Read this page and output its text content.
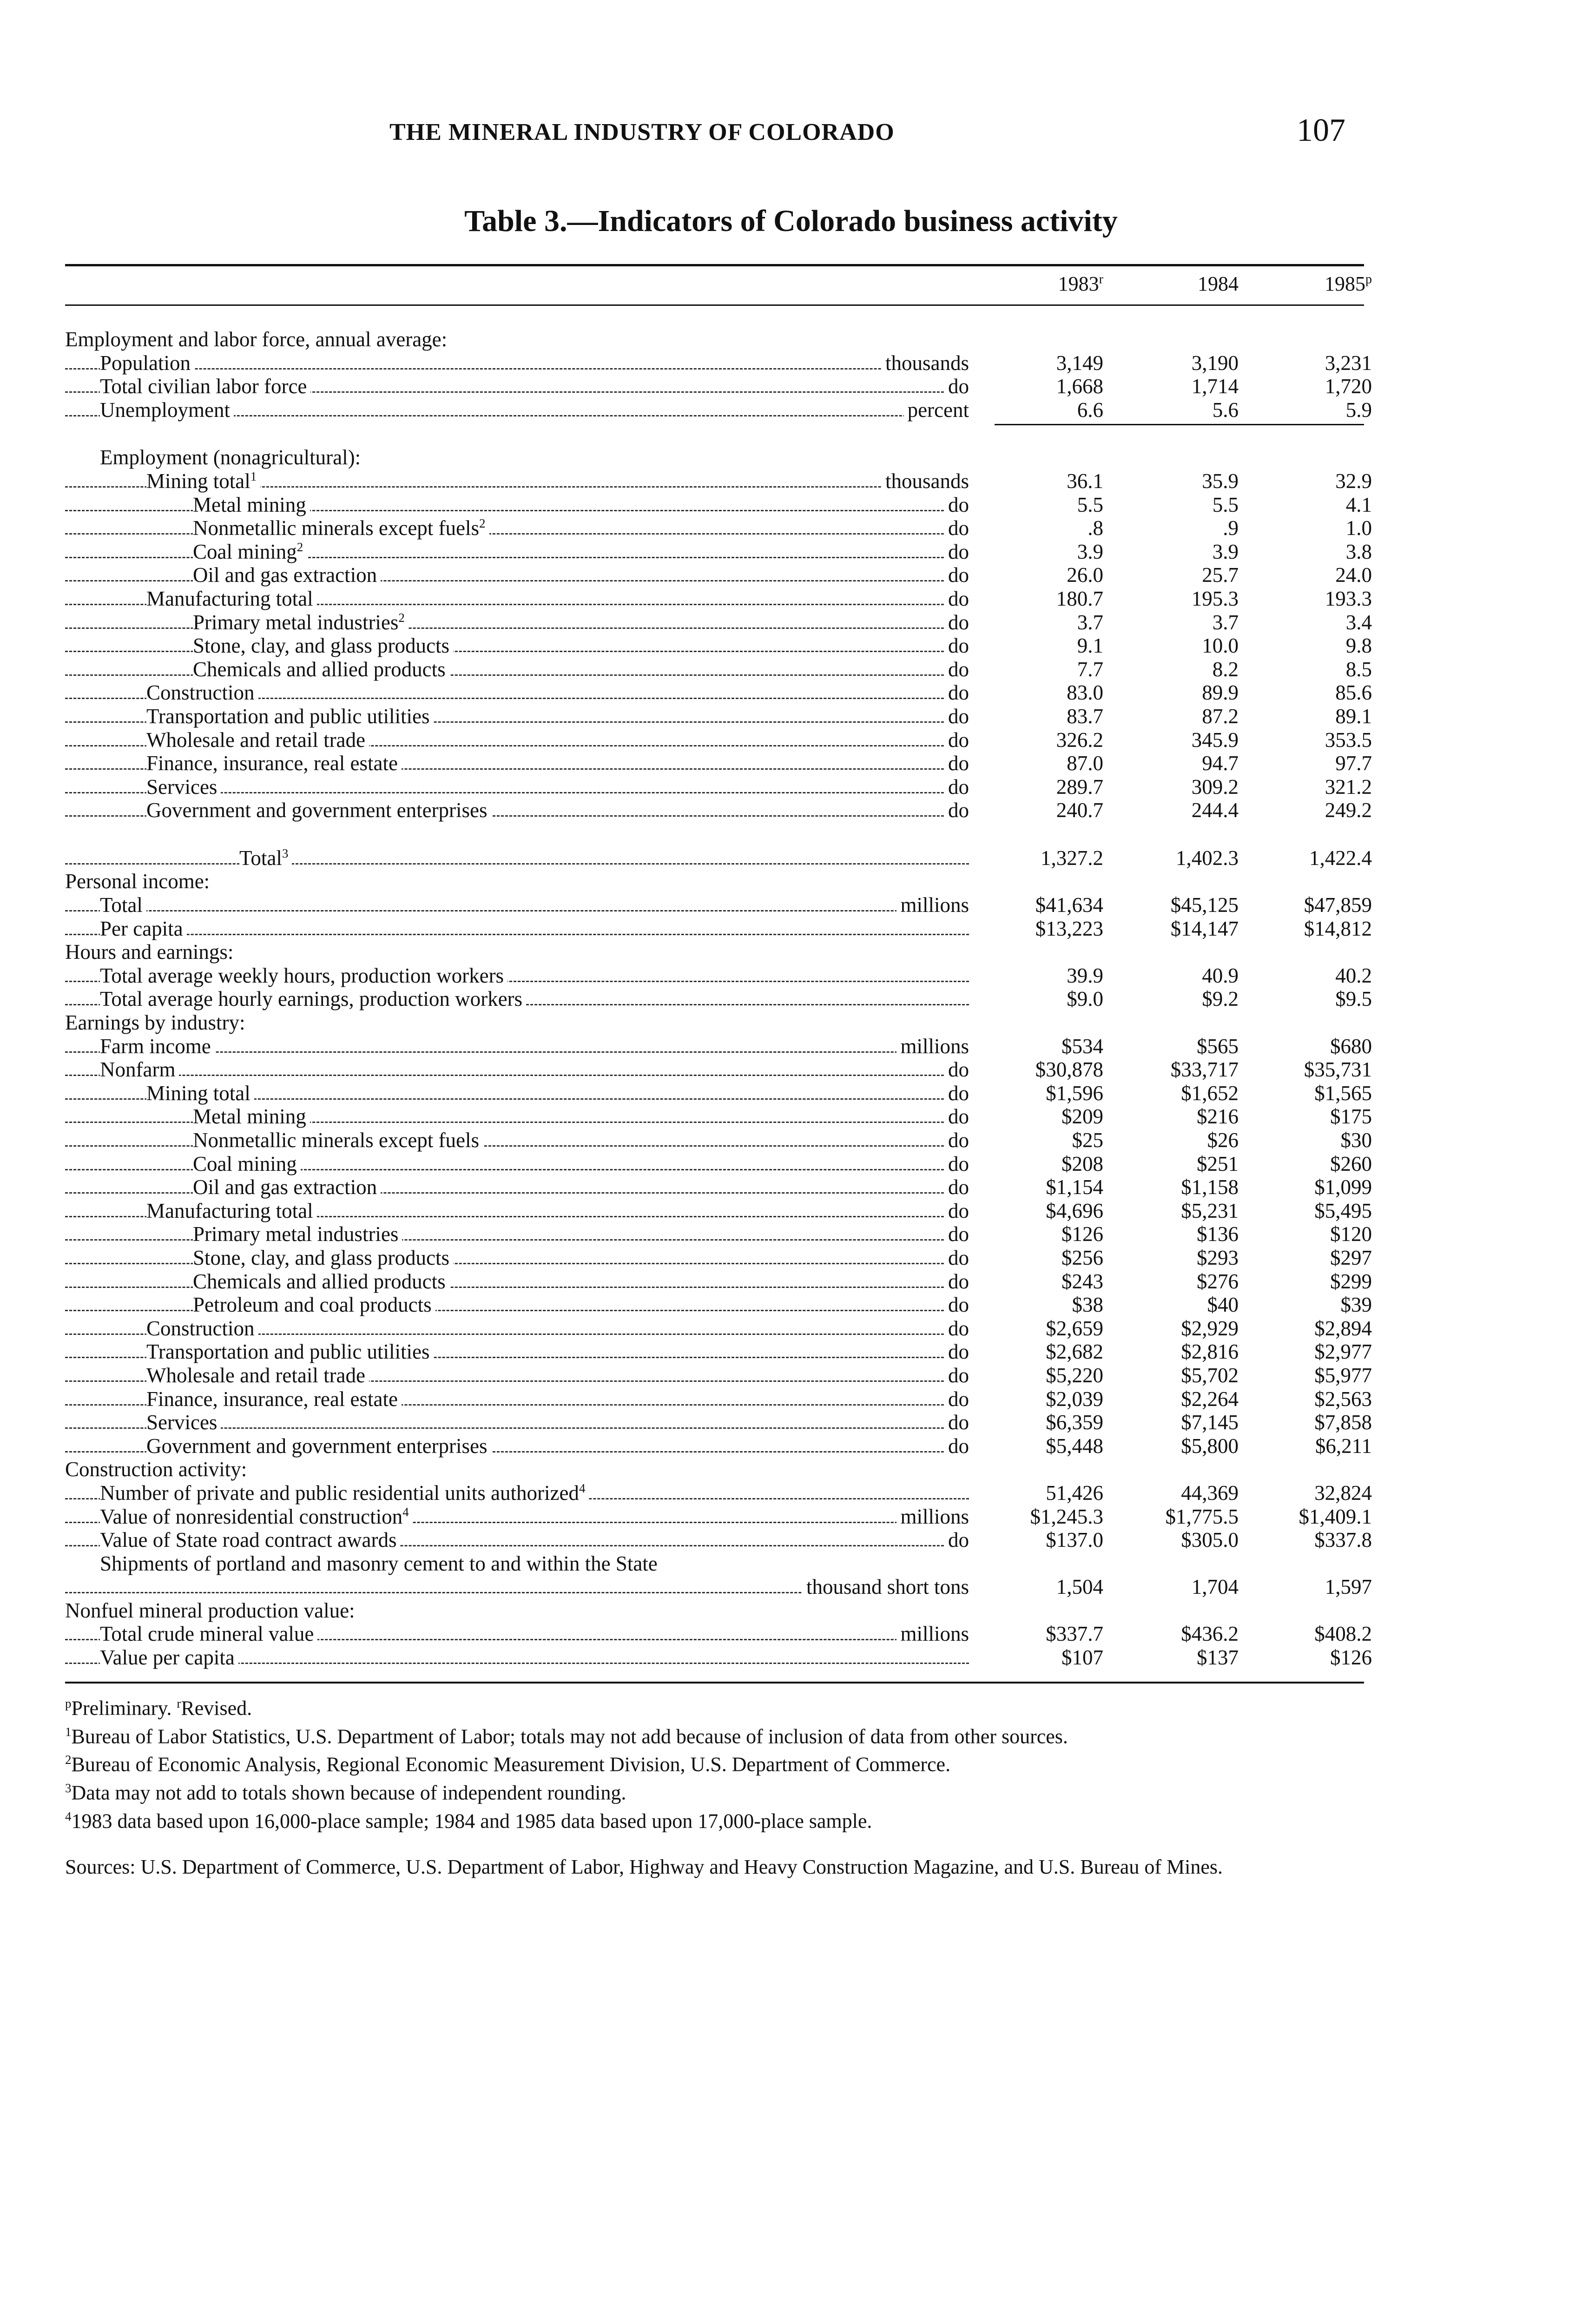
THE MINERAL INDUSTRY OF COLORADO	107
Table 3.—Indicators of Colorado business activity
1983$^r$	1984	1985$^p$
Employment and labor force, annual average:
Population	thousands	3,149	3,190	3,231
Total civilian labor force	do	1,668	1,714	1,720
Unemployment	percent	6.6	5.6	5.9
Employment (nonagricultural):
Mining total$^1$	thousands	36.1	35.9	32.9
Metal mining	do	5.5	5.5	4.1
Nonmetallic minerals except fuels$^2$	do	.8	.9	1.0
Coal mining$^2$	do	3.9	3.9	3.8
Oil and gas extraction	do	26.0	25.7	24.0
Manufacturing total	do	180.7	195.3	193.3
Primary metal industries$^2$	do	3.7	3.7	3.4
Stone, clay, and glass products	do	9.1	10.0	9.8
Chemicals and allied products	do	7.7	8.2	8.5
Construction	do	83.0	89.9	85.6
Transportation and public utilities	do	83.7	87.2	89.1
Wholesale and retail trade	do	326.2	345.9	353.5
Finance, insurance, real estate	do	87.0	94.7	97.7
Services	do	289.7	309.2	321.2
Government and government enterprises	do	240.7	244.4	249.2
Total$^3$	1,327.2	1,402.3	1,422.4
Personal income:
Total	millions	$41,634	$45,125	$47,859
Per capita	$13,223	$14,147	$14,812
Hours and earnings:
Total average weekly hours, production workers	39.9	40.9	40.2
Total average hourly earnings, production workers	$9.0	$9.2	$9.5
Earnings by industry:
Farm income	millions	$534	$565	$680
Nonfarm	do	$30,878	$33,717	$35,731
Mining total	do	$1,596	$1,652	$1,565
Metal mining	do	$209	$216	$175
Nonmetallic minerals except fuels	do	$25	$26	$30
Coal mining	do	$208	$251	$260
Oil and gas extraction	do	$1,154	$1,158	$1,099
Manufacturing total	do	$4,696	$5,231	$5,495
Primary metal industries	do	$126	$136	$120
Stone, clay, and glass products	do	$256	$293	$297
Chemicals and allied products	do	$243	$276	$299
Petroleum and coal products	do	$38	$40	$39
Construction	do	$2,659	$2,929	$2,894
Transportation and public utilities	do	$2,682	$2,816	$2,977
Wholesale and retail trade	do	$5,220	$5,702	$5,977
Finance, insurance, real estate	do	$2,039	$2,264	$2,563
Services	do	$6,359	$7,145	$7,858
Government and government enterprises	do	$5,448	$5,800	$6,211
Construction activity:
Number of private and public residential units authorized$^4$	51,426	44,369	32,824
Value of nonresidential construction$^4$	millions	$1,245.3	$1,775.5	$1,409.1
Value of State road contract awards	do	$137.0	$305.0	$337.8
Shipments of portland and masonry cement to and within the State
thousand short tons	1,504	1,704	1,597
Nonfuel mineral production value:
Total crude mineral value	millions	$337.7	$436.2	$408.2
Value per capita	$107	$137	$126

$^p$Preliminary. $^r$Revised.

$^1$Bureau of Labor Statistics, U.S. Department of Labor; totals may not add because of inclusion of data from other sources.

$^2$Bureau of Economic Analysis, Regional Economic Measurement Division, U.S. Department of Commerce.

$^3$Data may not add to totals shown because of independent rounding.

$^4$1983 data based upon 16,000-place sample; 1984 and 1985 data based upon 17,000-place sample.

Sources: U.S. Department of Commerce, U.S. Department of Labor, Highway and Heavy Construction Magazine, and U.S. Bureau of Mines.
